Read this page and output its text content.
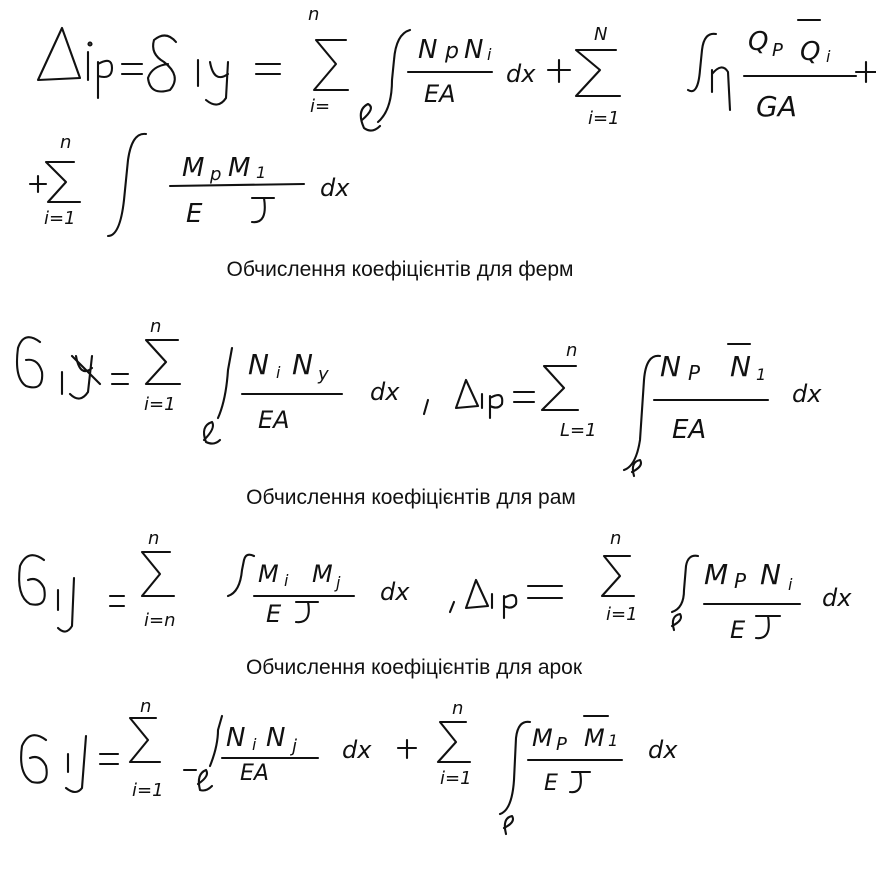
n
i=
N p N i
EA
dx
N
i=1
Q P Q i
GA
n
i=1
M p M 1
E
dx
n
i=1
N i N y
EA
dx
n
L=1
N P N 1
EA
dx
n
i=n
M i M j
E
dx
n
i=1
M P N i
E
dx
n
i=1
N i N j
EA
dx
n
i=1
M P M 1
E
dx
Обчислення коефіцієнтів для ферм
Обчислення коефіцієнтів для рам
Обчислення коефіцієнтів для арок
